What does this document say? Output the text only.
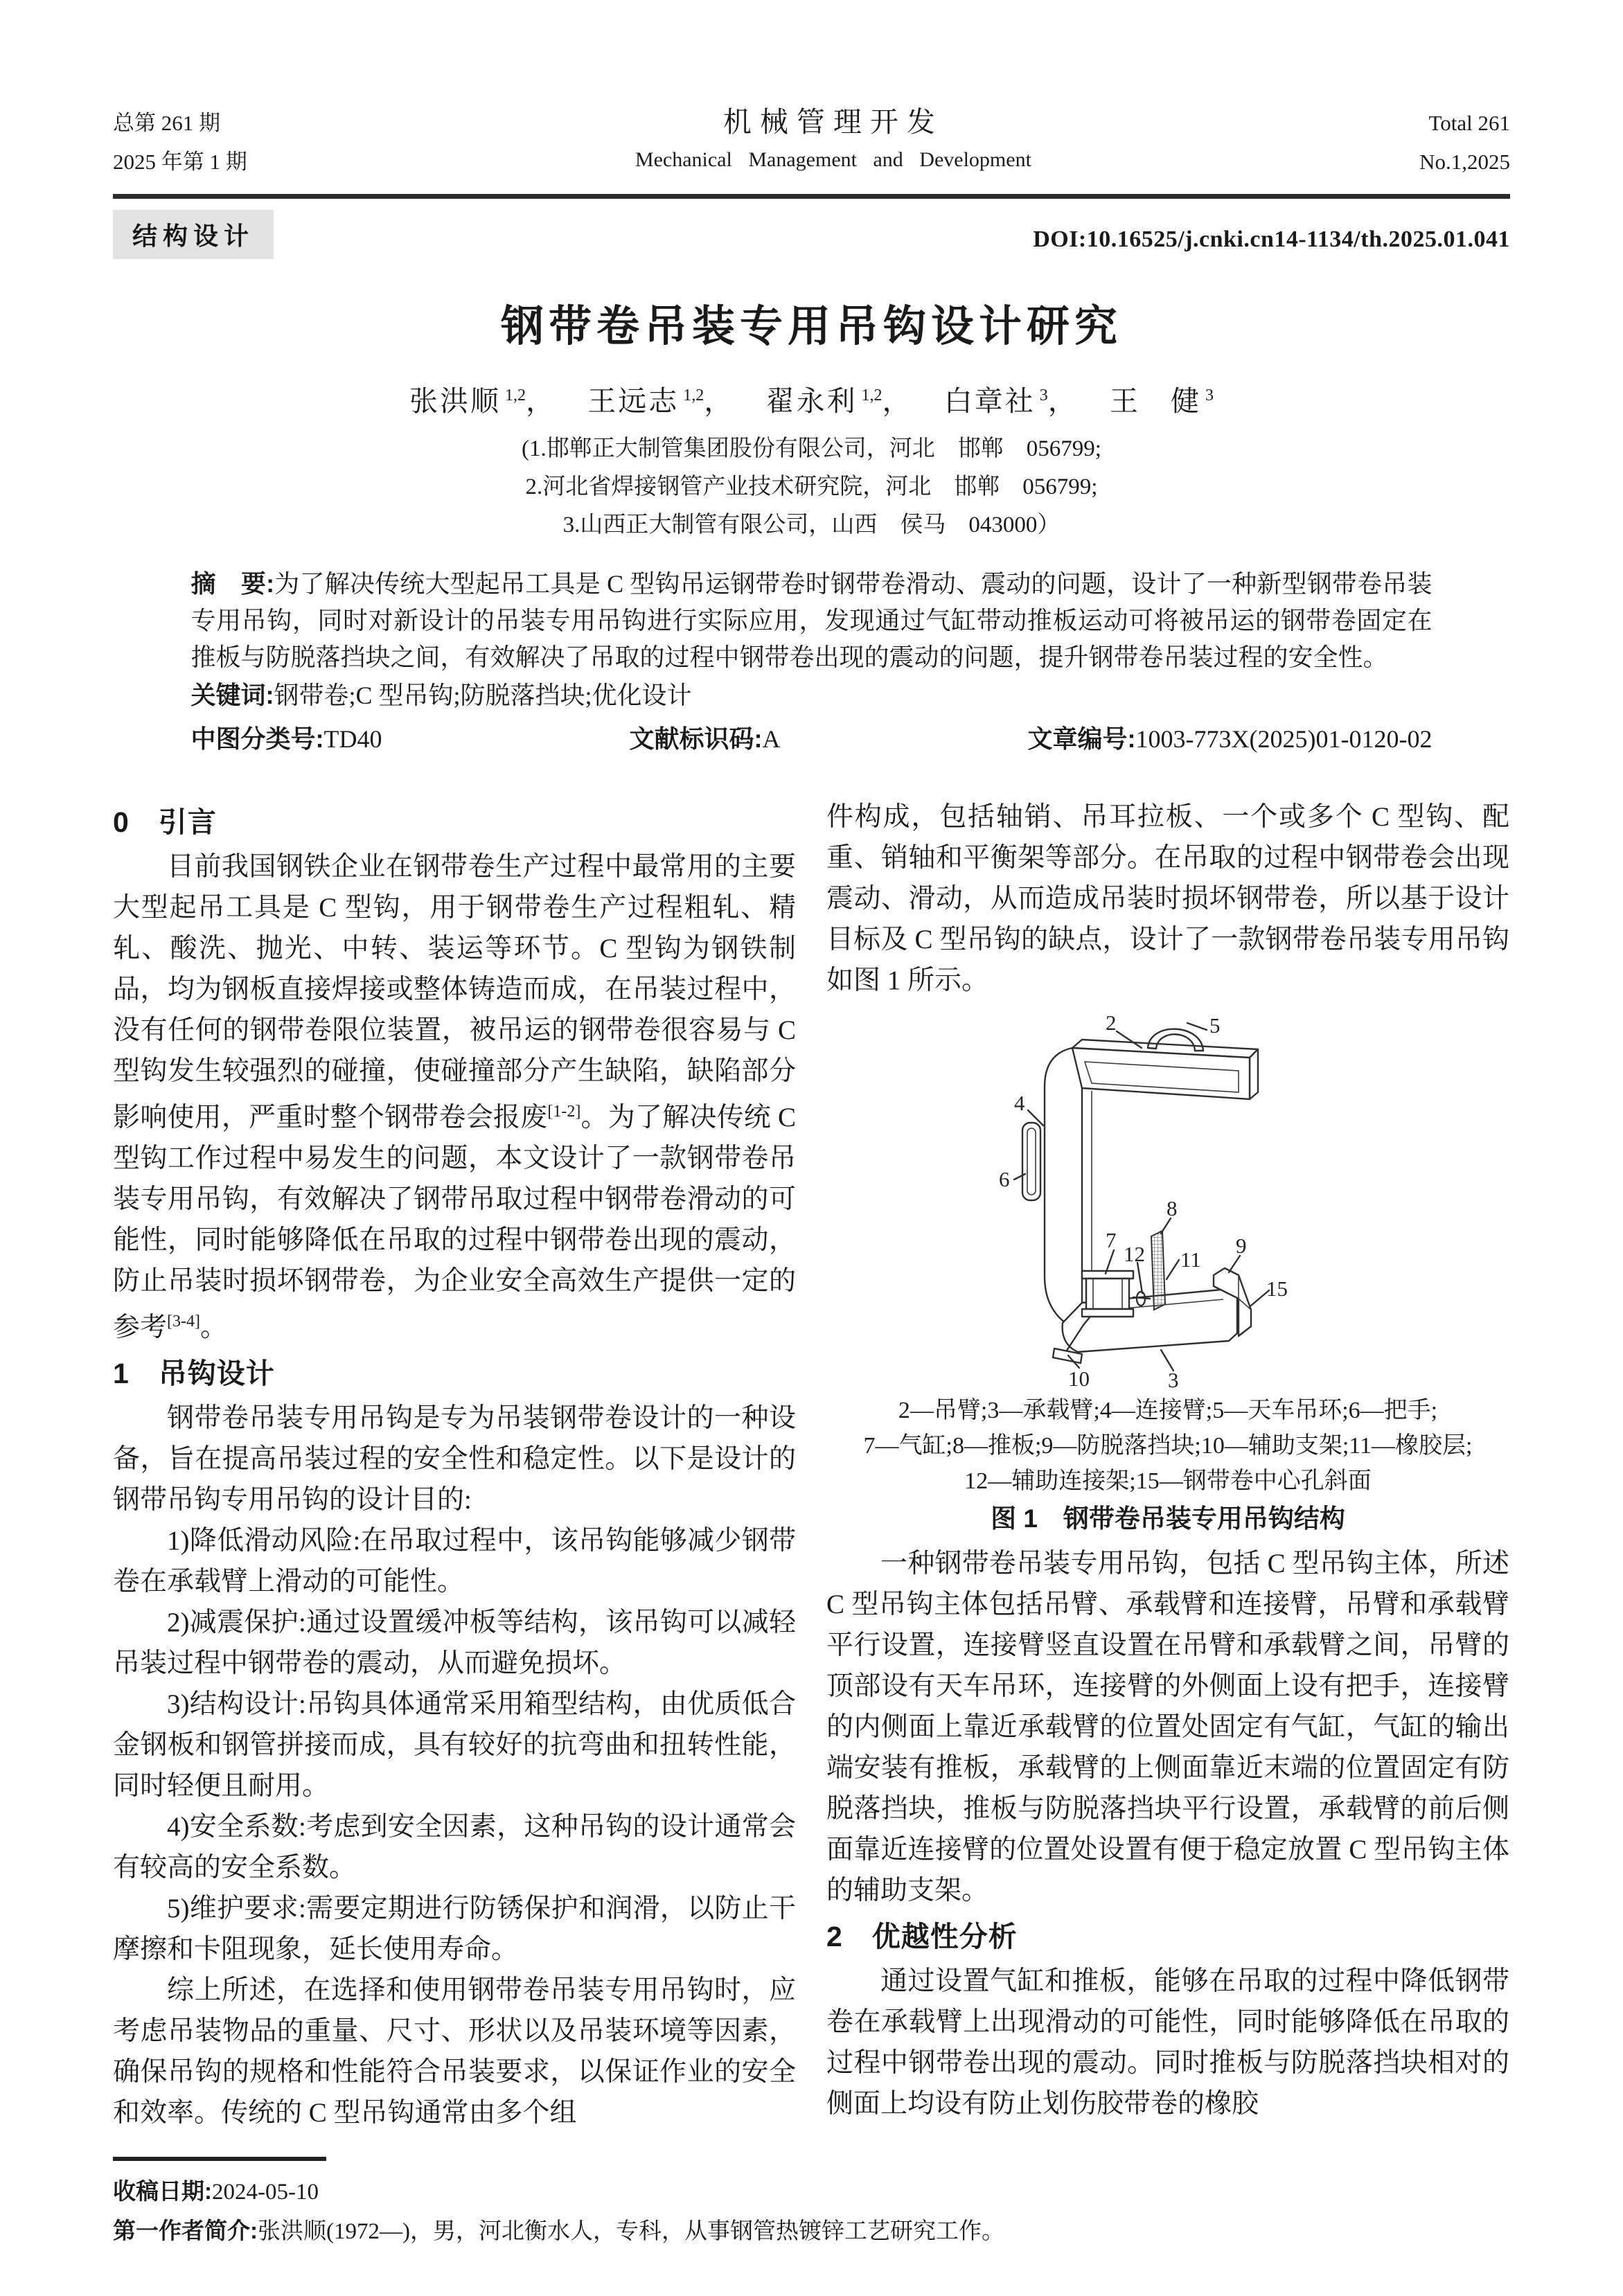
总第 261 期
2025 年第 1 期
机械管理开发
Mechanical Management and Development
Total 261
No.1,2025
结构设计	DOI:10.16525/j.cnki.cn14-1134/th.2025.01.041
钢带卷吊装专用吊钩设计研究
张洪顺 $^{1,2}$， 王远志 $^{1,2}$， 翟永利 $^{1,2}$， 白章社 $^3$， 王　健 $^3$
(1.邯郸正大制管集团股份有限公司，河北　邯郸　056799;
2.河北省焊接钢管产业技术研究院，河北　邯郸　056799;
3.山西正大制管有限公司，山西　侯马　043000）
摘　要:为了解决传统大型起吊工具是 C 型钩吊运钢带卷时钢带卷滑动、震动的问题，设计了一种新型钢带卷吊装专用吊钩，同时对新设计的吊装专用吊钩进行实际应用，发现通过气缸带动推板运动可将被吊运的钢带卷固定在推板与防脱落挡块之间，有效解决了吊取的过程中钢带卷出现的震动的问题，提升钢带卷吊装过程的安全性。
关键词:钢带卷;C 型吊钩;防脱落挡块;优化设计
中图分类号:TD40	文献标识码:A	文章编号:1003-773X(2025)01-0120-02
0　引言

目前我国钢铁企业在钢带卷生产过程中最常用的主要大型起吊工具是 C 型钩，用于钢带卷生产过程粗轧、精轧、酸洗、抛光、中转、装运等环节。C 型钩为钢铁制品，均为钢板直接焊接或整体铸造而成，在吊装过程中，没有任何的钢带卷限位装置，被吊运的钢带卷很容易与 C 型钩发生较强烈的碰撞，使碰撞部分产生缺陷，缺陷部分影响使用，严重时整个钢带卷会报废[1-2]。为了解决传统 C 型钩工作过程中易发生的问题，本文设计了一款钢带卷吊装专用吊钩，有效解决了钢带吊取过程中钢带卷滑动的可能性，同时能够降低在吊取的过程中钢带卷出现的震动，防止吊装时损坏钢带卷，为企业安全高效生产提供一定的参考[3-4]。

1　吊钩设计

钢带卷吊装专用吊钩是专为吊装钢带卷设计的一种设备，旨在提高吊装过程的安全性和稳定性。以下是设计的钢带吊钩专用吊钩的设计目的:

1)降低滑动风险:在吊取过程中，该吊钩能够减少钢带卷在承载臂上滑动的可能性。

2)减震保护:通过设置缓冲板等结构，该吊钩可以减轻吊装过程中钢带卷的震动，从而避免损坏。

3)结构设计:吊钩具体通常采用箱型结构，由优质低合金钢板和钢管拼接而成，具有较好的抗弯曲和扭转性能，同时轻便且耐用。

4)安全系数:考虑到安全因素，这种吊钩的设计通常会有较高的安全系数。

5)维护要求:需要定期进行防锈保护和润滑，以防止干摩擦和卡阻现象，延长使用寿命。

综上所述，在选择和使用钢带卷吊装专用吊钩时，应考虑吊装物品的重量、尺寸、形状以及吊装环境等因素，确保吊钩的规格和性能符合吊装要求，以保证作业的安全和效率。传统的 C 型吊钩通常由多个组

件构成，包括轴销、吊耳拉板、一个或多个 C 型钩、配重、销轴和平衡架等部分。在吊取的过程中钢带卷会出现震动、滑动，从而造成吊装时损坏钢带卷，所以基于设计目标及 C 型吊钩的缺点，设计了一款钢带卷吊装专用吊钩如图 1 所示。

2	5
4
6
7
8
12 11
9
15
10	3
2—吊臂;3—承载臂;4—连接臂;5—天车吊环;6—把手;
7—气缸;8—推板;9—防脱落挡块;10—辅助支架;11—橡胶层;
12—辅助连接架;15—钢带卷中心孔斜面
图 1　钢带卷吊装专用吊钩结构

一种钢带卷吊装专用吊钩，包括 C 型吊钩主体，所述 C 型吊钩主体包括吊臂、承载臂和连接臂，吊臂和承载臂平行设置，连接臂竖直设置在吊臂和承载臂之间，吊臂的顶部设有天车吊环，连接臂的外侧面上设有把手，连接臂的内侧面上靠近承载臂的位置处固定有气缸，气缸的输出端安装有推板，承载臂的上侧面靠近末端的位置固定有防脱落挡块，推板与防脱落挡块平行设置，承载臂的前后侧面靠近连接臂的位置处设置有便于稳定放置 C 型吊钩主体的辅助支架。

2　优越性分析

通过设置气缸和推板，能够在吊取的过程中降低钢带卷在承载臂上出现滑动的可能性，同时能够降低在吊取的过程中钢带卷出现的震动。同时推板与防脱落挡块相对的侧面上均设有防止划伤胶带卷的橡胶

收稿日期:2024-05-10
第一作者简介:张洪顺(1972—)，男，河北衡水人，专科，从事钢管热镀锌工艺研究工作。
